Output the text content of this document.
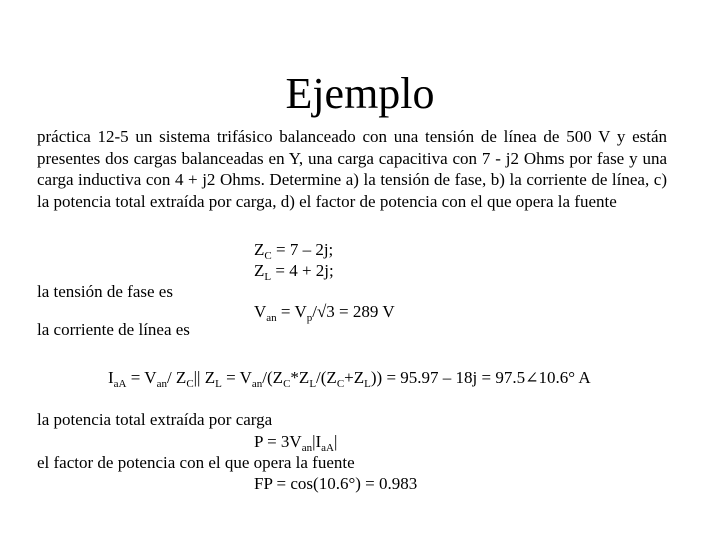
Ejemplo
práctica 12-5 un sistema trifásico balanceado con una tensión de línea de 500 V y están presentes dos cargas balanceadas en Y, una carga capacitiva con 7 - j2 Ohms por fase y una carga inductiva con 4 + j2 Ohms. Determine a) la tensión de fase, b) la corriente de línea, c) la potencia total extraída por carga, d) el factor de potencia con el que opera la fuente
$Z_C = 7 - 2j$;
$Z_L = 4 + 2j$;
la tensión de fase es
$V_{an} = V_p/√3 = 289$ V
la corriente de línea es
$I_{aA} = V_{an}/$ $Z_C||$ $Z_L = V_{an}/(Z_C*Z_L/(Z_C+Z_L)) = 95.97 - 18j$ = 97.5∠10.6° A
la potencia total extraída por carga
$P = 3V_{an}|I_{aA}|$
el factor de potencia con el que opera la fuente
FP = cos(10.6°) = 0.983
